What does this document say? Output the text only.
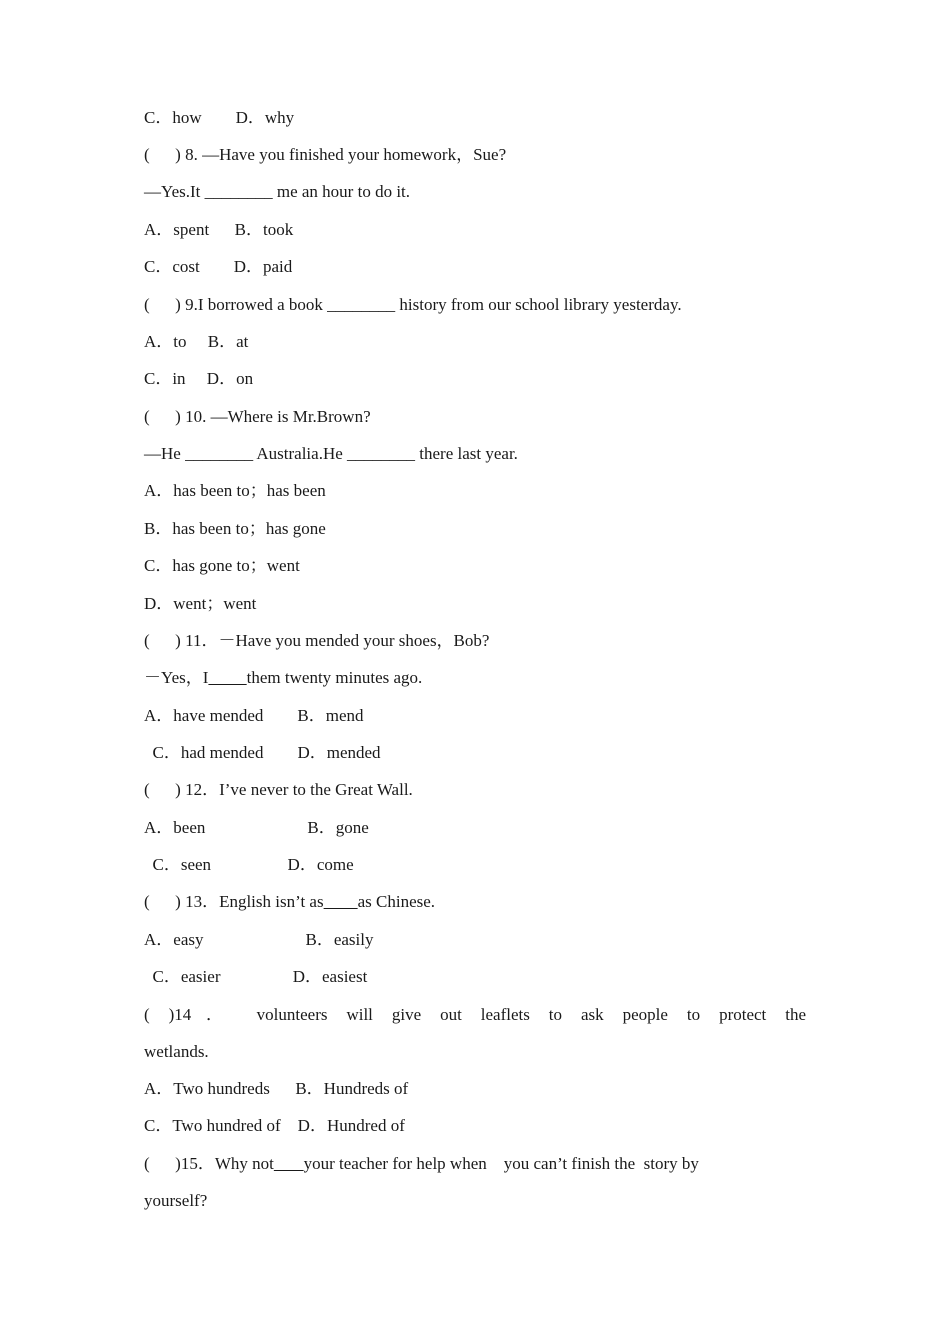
C．how        D．why
(      ) 8. —Have you finished your homework，Sue?
—Yes.It ________ me an hour to do it.
A．spent      B．took
C．cost        D．paid
(      ) 9.I borrowed a book ________ history from our school library yesterday.
A．to     B．at
C．in     D．on
(      ) 10. —Where is Mr.Brown?
—He ________ Australia.He ________ there last year.
A．has been to；has been
B．has been to；has gone
C．has gone to；went
D．went；went
(      ) 11．－Have you mended your shoes，Bob?
－Yes，I them twenty minutes ago.
A．have mended        B．mend
C．had mended        D．mended
(      ) 12．I’ve never to the Great Wall.
A．been                        B．gone
C．seen                  D．come
(      ) 13．English isn’t as as Chinese.
A．easy                        B．easily
C．easier                 D．easiest
( )14． volunteers will give out leaflets to ask people to protect the
wetlands.
A．Two hundreds      B．Hundreds of
C．Two hundred of    D．Hundred of
(      )15．Why not your teacher for help when    you can’t finish the  story by
yourself?
